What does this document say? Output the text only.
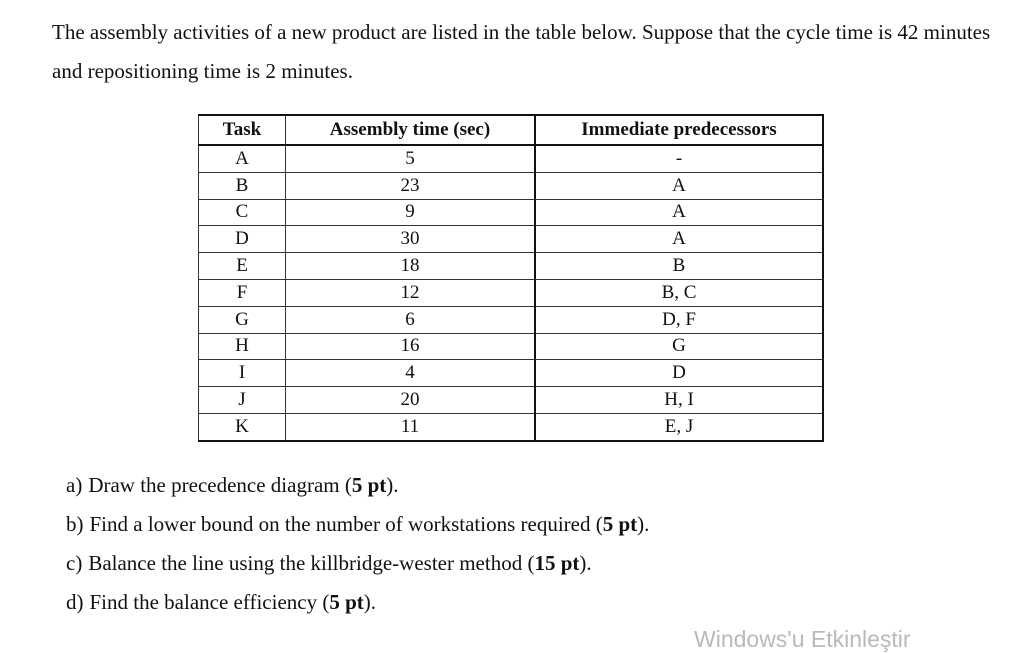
The assembly activities of a new product are listed in the table below. Suppose that the cycle time is 42 minutes and repositioning time is 2 minutes.

Task	Assembly time (sec)	Immediate predecessors
A	5	-
B	23	A
C	9	A
D	30	A
E	18	B
F	12	B, C
G	6	D, F
H	16	G
I	4	D
J	20	H, I
K	11	E, J
a) Draw the precedence diagram (5 pt).
b) Find a lower bound on the number of workstations required (5 pt).
c) Balance the line using the killbridge-wester method (15 pt).
d) Find the balance efficiency (5 pt).
Windows'u Etkinleştir
